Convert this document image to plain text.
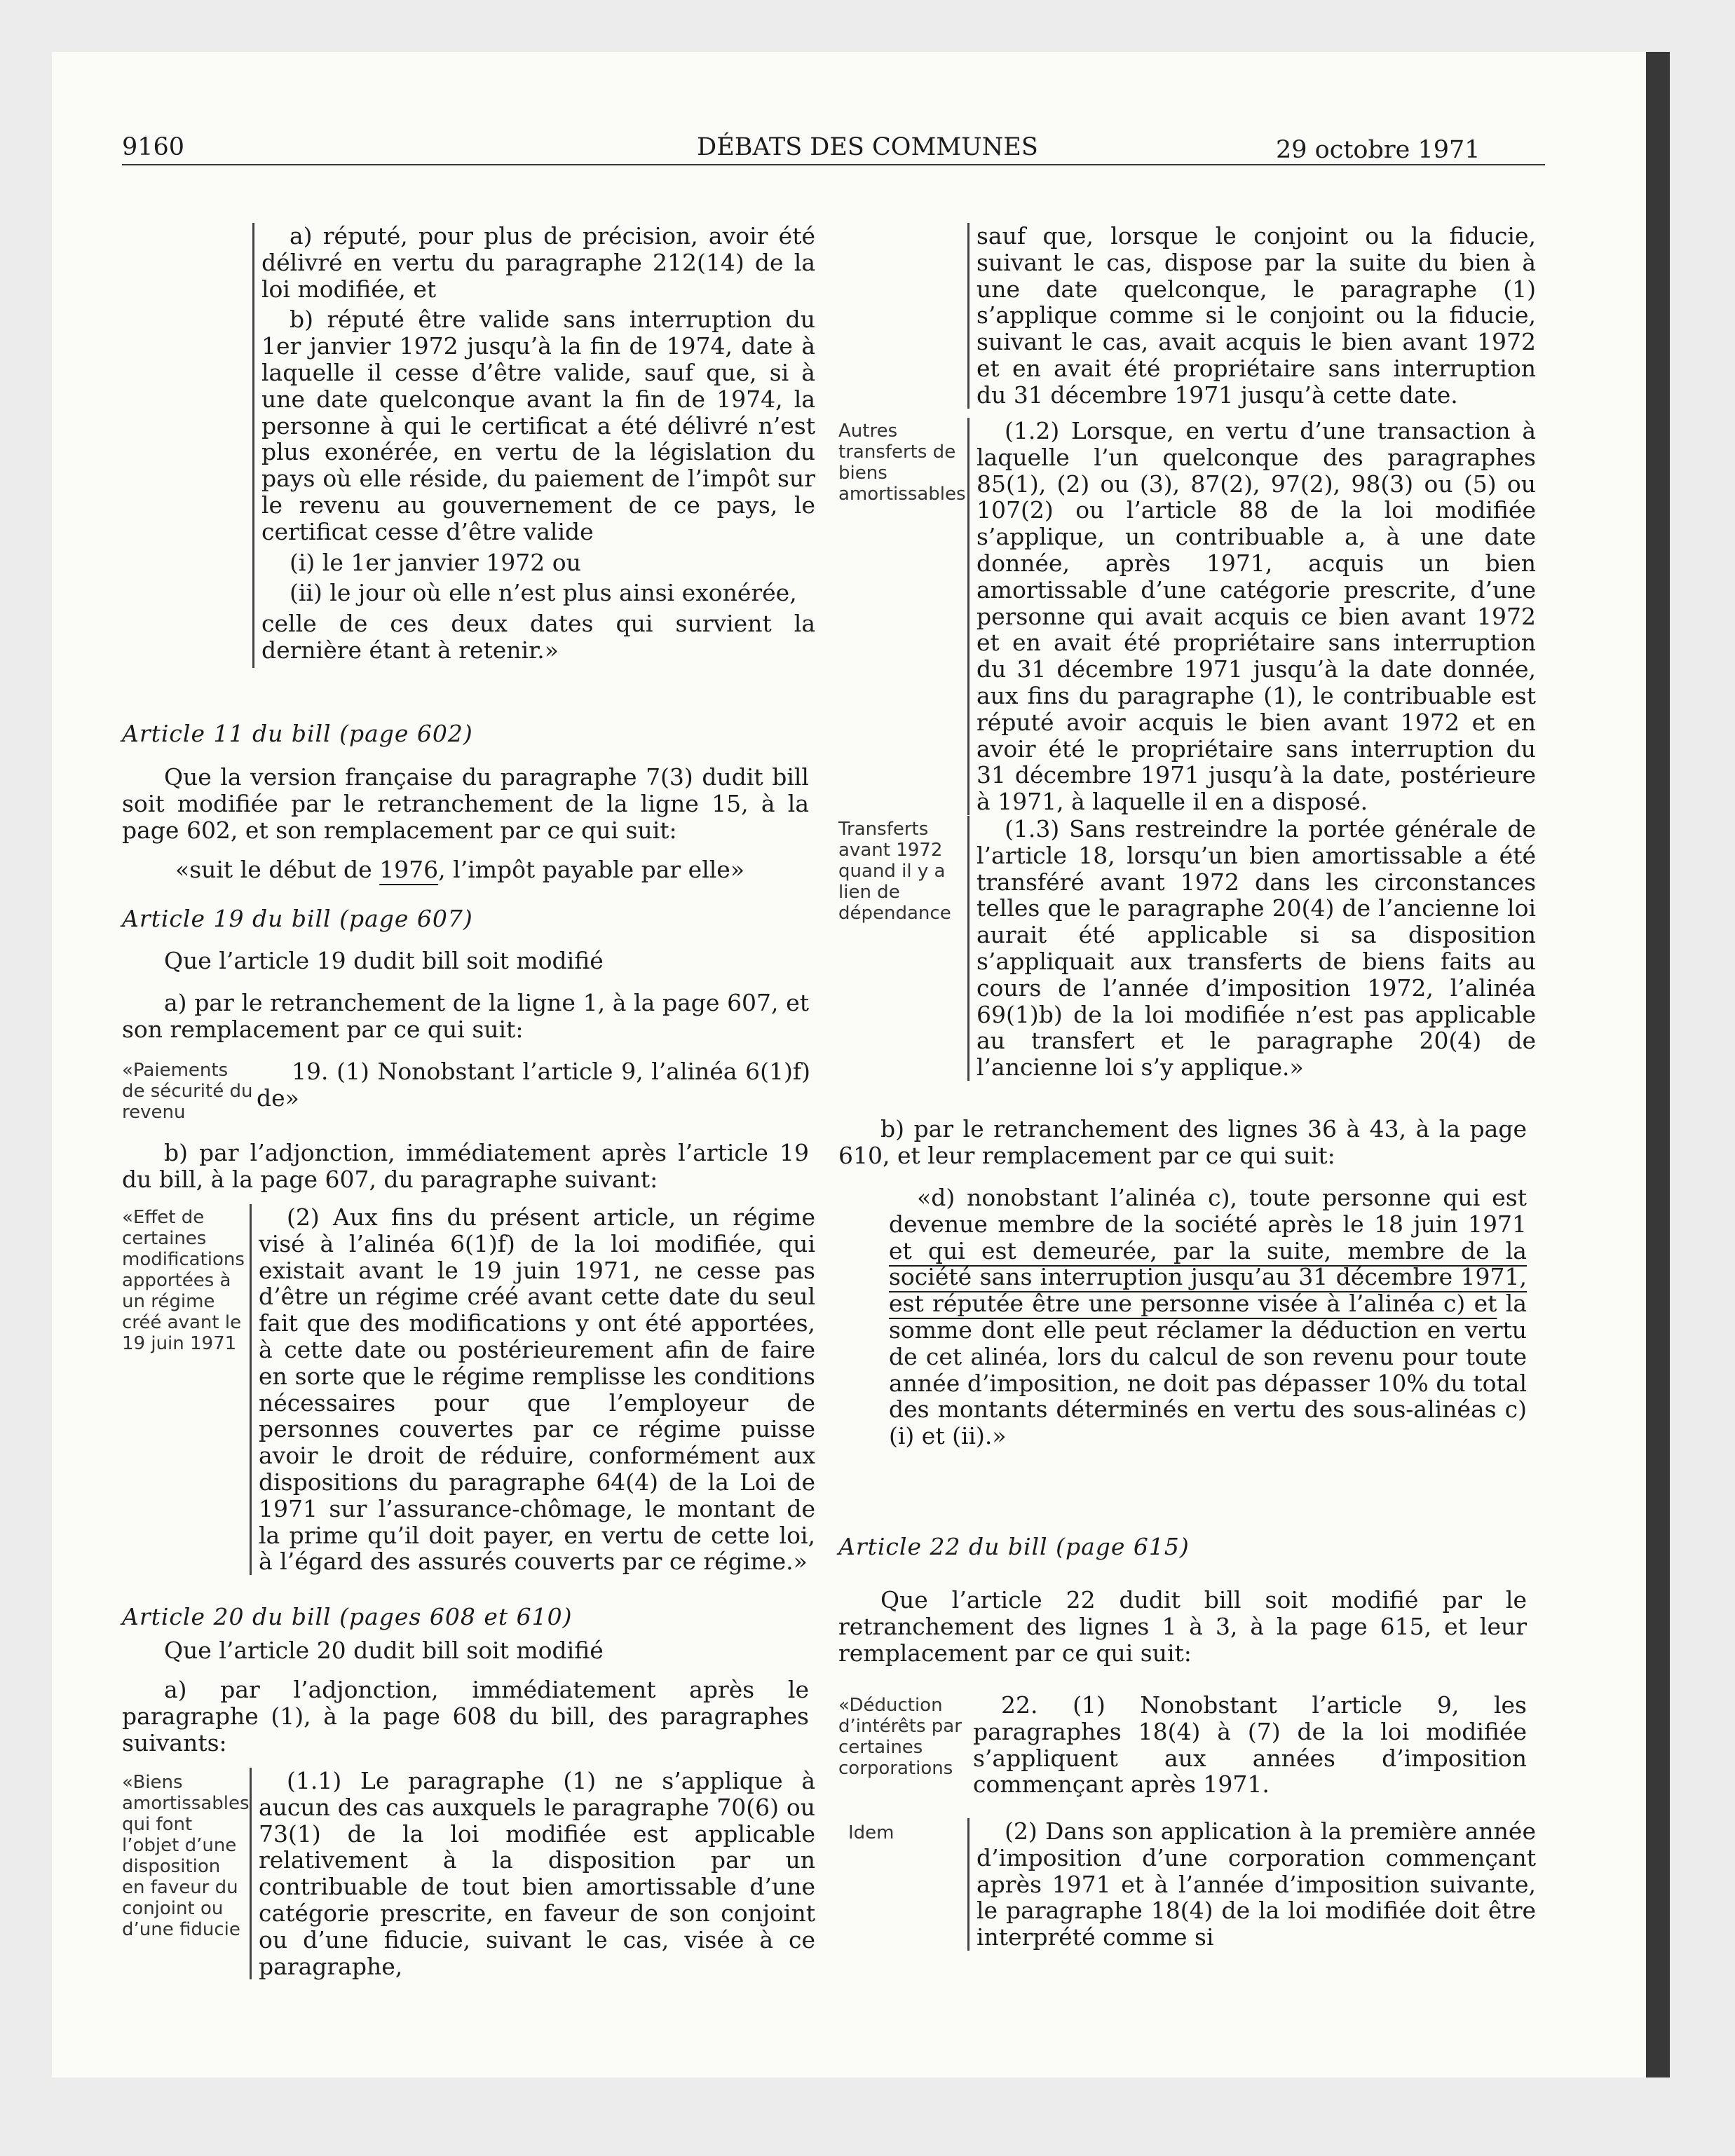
9160	DÉBATS DES COMMUNES	29 octobre 1971
a) réputé, pour plus de précision, avoir été délivré en vertu du paragraphe 212(14) de la loi modifiée, et
b) réputé être valide sans interruption du 1er janvier 1972 jusqu’à la fin de 1974, date à laquelle il cesse d’être valide, sauf que, si à une date quelconque avant la fin de 1974, la personne à qui le certificat a été délivré n’est plus exonérée, en vertu de la législation du pays où elle réside, du paiement de l’impôt sur le revenu au gouvernement de ce pays, le certificat cesse d’être valide
(i) le 1er janvier 1972 ou
(ii) le jour où elle n’est plus ainsi exonérée,
celle de ces deux dates qui survient la dernière étant à retenir.»
Article 11 du bill (page 602)
Que la version française du paragraphe 7(3) dudit bill soit modifiée par le retranchement de la ligne 15, à la page 602, et son remplacement par ce qui suit:
«suit le début de 1976, l’impôt payable par elle»
Article 19 du bill (page 607)
Que l’article 19 dudit bill soit modifié
a) par le retranchement de la ligne 1, à la page 607, et son remplacement par ce qui suit:
«Paiements de sécurité du revenu
19. (1) Nonobstant l’article 9, l’alinéa 6(1)f) de»
b) par l’adjonction, immédiatement après l’article 19 du bill, à la page 607, du paragraphe suivant:
«Effet de certaines modifications apportées à un régime créé avant le 19 juin 1971
(2) Aux fins du présent article, un régime visé à l’alinéa 6(1)f) de la loi modifiée, qui existait avant le 19 juin 1971, ne cesse pas d’être un régime créé avant cette date du seul fait que des modifications y ont été apportées, à cette date ou postérieurement afin de faire en sorte que le régime remplisse les conditions nécessaires pour que l’employeur de personnes couvertes par ce régime puisse avoir le droit de réduire, conformément aux dispositions du paragraphe 64(4) de la Loi de 1971 sur l’assurance-chômage, le montant de la prime qu’il doit payer, en vertu de cette loi, à l’égard des assurés couverts par ce régime.»
Article 20 du bill (pages 608 et 610)
Que l’article 20 dudit bill soit modifié
a) par l’adjonction, immédiatement après le paragraphe (1), à la page 608 du bill, des paragraphes suivants:
«Biens amortissables qui font l’objet d’une disposition en faveur du conjoint ou d’une fiducie
(1.1) Le paragraphe (1) ne s’applique à aucun des cas auxquels le paragraphe 70(6) ou 73(1) de la loi modifiée est applicable relativement à la disposition par un contribuable de tout bien amortissable d’une catégorie prescrite, en faveur de son conjoint ou d’une fiducie, suivant le cas, visée à ce paragraphe,
sauf que, lorsque le conjoint ou la fiducie, suivant le cas, dispose par la suite du bien à une date quelconque, le paragraphe (1) s’applique comme si le conjoint ou la fiducie, suivant le cas, avait acquis le bien avant 1972 et en avait été propriétaire sans interruption du 31 décembre 1971 jusqu’à cette date.
Autres transferts de biens amortissables
(1.2) Lorsque, en vertu d’une transaction à laquelle l’un quelconque des paragraphes 85(1), (2) ou (3), 87(2), 97(2), 98(3) ou (5) ou 107(2) ou l’article 88 de la loi modifiée s’applique, un contribuable a, à une date donnée, après 1971, acquis un bien amortissable d’une catégorie prescrite, d’une personne qui avait acquis ce bien avant 1972 et en avait été propriétaire sans interruption du 31 décembre 1971 jusqu’à la date donnée, aux fins du paragraphe (1), le contribuable est réputé avoir acquis le bien avant 1972 et en avoir été le propriétaire sans interruption du 31 décembre 1971 jusqu’à la date, postérieure à 1971, à laquelle il en a disposé.
Transferts avant 1972 quand il y a lien de dépendance
(1.3) Sans restreindre la portée générale de l’article 18, lorsqu’un bien amortissable a été transféré avant 1972 dans les circonstances telles que le paragraphe 20(4) de l’ancienne loi aurait été applicable si sa disposition s’appliquait aux transferts de biens faits au cours de l’année d’imposition 1972, l’alinéa 69(1)b) de la loi modifiée n’est pas applicable au transfert et le paragraphe 20(4) de l’ancienne loi s’y applique.»
b) par le retranchement des lignes 36 à 43, à la page 610, et leur remplacement par ce qui suit:
«d) nonobstant l’alinéa c), toute personne qui est devenue membre de la société après le 18 juin 1971 et qui est demeurée, par la suite, membre de la société sans interruption jusqu’au 31 décembre 1971, est réputée être une personne visée à l’alinéa c) et la somme dont elle peut réclamer la déduction en vertu de cet alinéa, lors du calcul de son revenu pour toute année d’imposition, ne doit pas dépasser 10% du total des montants déterminés en vertu des sous-alinéas c)(i) et (ii).»
Article 22 du bill (page 615)
Que l’article 22 dudit bill soit modifié par le retranchement des lignes 1 à 3, à la page 615, et leur remplacement par ce qui suit:
«Déduction d’intérêts par certaines corporations
22. (1) Nonobstant l’article 9, les paragraphes 18(4) à (7) de la loi modifiée s’appliquent aux années d’imposition commençant après 1971.
Idem	(2) Dans son application à la première année d’imposition d’une corporation commençant après 1971 et à l’année d’imposition suivante, le paragraphe 18(4) de la loi modifiée doit être interprété comme si
